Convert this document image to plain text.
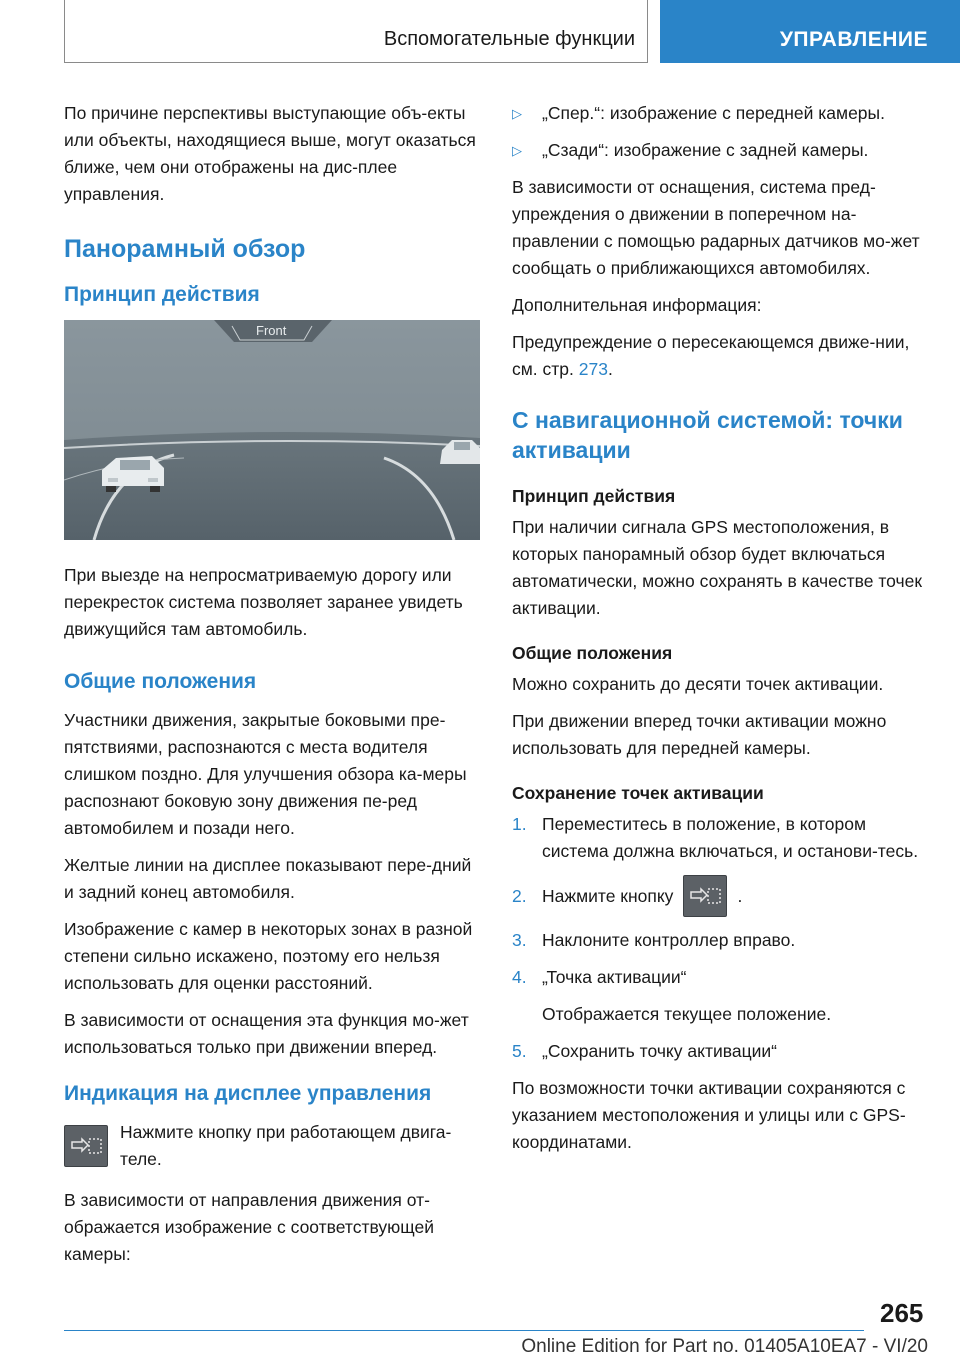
Вспомогательные функции	УПРАВЛЕНИЕ

По причине перспективы выступающие объ-екты или объекты, находящиеся выше, могут оказаться ближе, чем они отображены на дис-плее управления.

Панорамный обзор
Принцип действия
Front

При выезде на непросматриваемую дорогу или перекресток система позволяет заранее увидеть движущийся там автомобиль.

Общие положения

Участники движения, закрытые боковыми пре-пятствиями, распознаются с места водителя слишком поздно. Для улучшения обзора ка-меры распознают боковую зону движения пе-ред автомобилем и позади него.

Желтые линии на дисплее показывают пере-дний и задний конец автомобиля.

Изображение с камер в некоторых зонах в разной степени сильно искажено, поэтому его нельзя использовать для оценки расстояний.

В зависимости от оснащения эта функция мо-жет использоваться только при движении вперед.

Индикация на дисплее управления

Нажмите кнопку при работающем двига-теле.

В зависимости от направления движения от-ображается изображение с соответствующей камеры:

▷	„Спер.“: изображение с передней камеры.
▷	„Сзади“: изображение с задней камеры.

В зависимости от оснащения, система пред-упреждения о движении в поперечном на-правлении с помощью радарных датчиков мо-жет сообщать о приближающихся автомобилях.

Дополнительная информация:

Предупреждение о пересекающемся движе-нии, см. стр. 273.

С навигационной системой: точки активации
Принцип действия

При наличии сигнала GPS местоположения, в которых панорамный обзор будет включаться автоматически, можно сохранять в качестве точек активации.

Общие положения

Можно сохранить до десяти точек активации.

При движении вперед точки активации можно использовать для передней камеры.

Сохранение точек активации
1. Переместитесь в положение, в котором система должна включаться, и останови-тесь.
2. Нажмите кнопку	.
3. Наклоните контроллер вправо.
4. „Точка активации“
Отображается текущее положение.
5. „Сохранить точку активации“

По возможности точки активации сохраняются с указанием местоположения и улицы или с GPS-координатами.

265
Online Edition for Part no. 01405A10EA7 - VI/20
